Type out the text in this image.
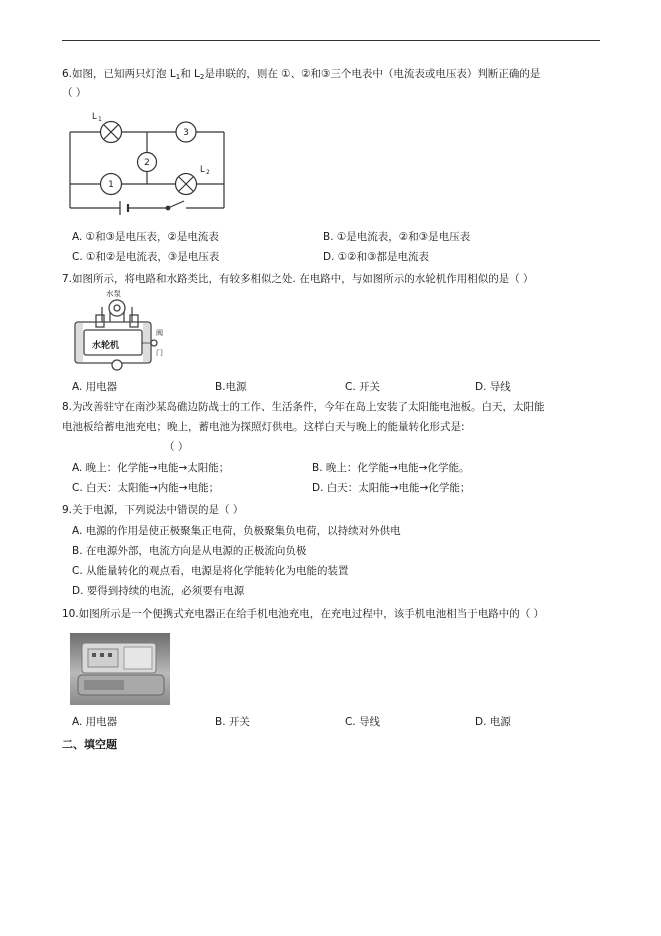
6.如图，已知两只灯泡 $L_1$和 $L_2$是串联的，则在 ①、②和③三个电表中（电流表或电压表）判断正确的是
（ ）
3
2
1
L 1
L 2
A. ①和③是电压表，②是电流表	B. ①是电流表，②和③是电压表
C. ①和②是电流表，③是电压表	D. ①②和③都是电流表
7.如图所示，将电路和水路类比，有较多相似之处. 在电路中，与如图所示的水轮机作用相似的是（ ）
水泵
水轮机
阀
门
A. 用电器	B.电源	C. 开关	D. 导线
8.为改善驻守在南沙某岛礁边防战士的工作、生活条件，今年在岛上安装了太阳能电池板。白天，太阳能
电池板给蓄电池充电；晚上，蓄电池为探照灯供电。这样白天与晚上的能量转化形式是:
（ ）
A. 晚上：化学能→电能→太阳能；	B. 晚上：化学能→电能→化学能。
C. 白天：太阳能→内能→电能；	D. 白天：太阳能→电能→化学能；
9.关于电源，下列说法中错误的是（ ）
A. 电源的作用是使正极聚集正电荷，负极聚集负电荷，以持续对外供电
B. 在电源外部，电流方向是从电源的正极流向负极
C. 从能量转化的观点看，电源是将化学能转化为电能的装置
D. 要得到持续的电流，必须要有电源
10.如图所示是一个便携式充电器正在给手机电池充电，在充电过程中，该手机电池相当于电路中的（ ）
A. 用电器	B. 开关	C. 导线	D. 电源
二、填空题
